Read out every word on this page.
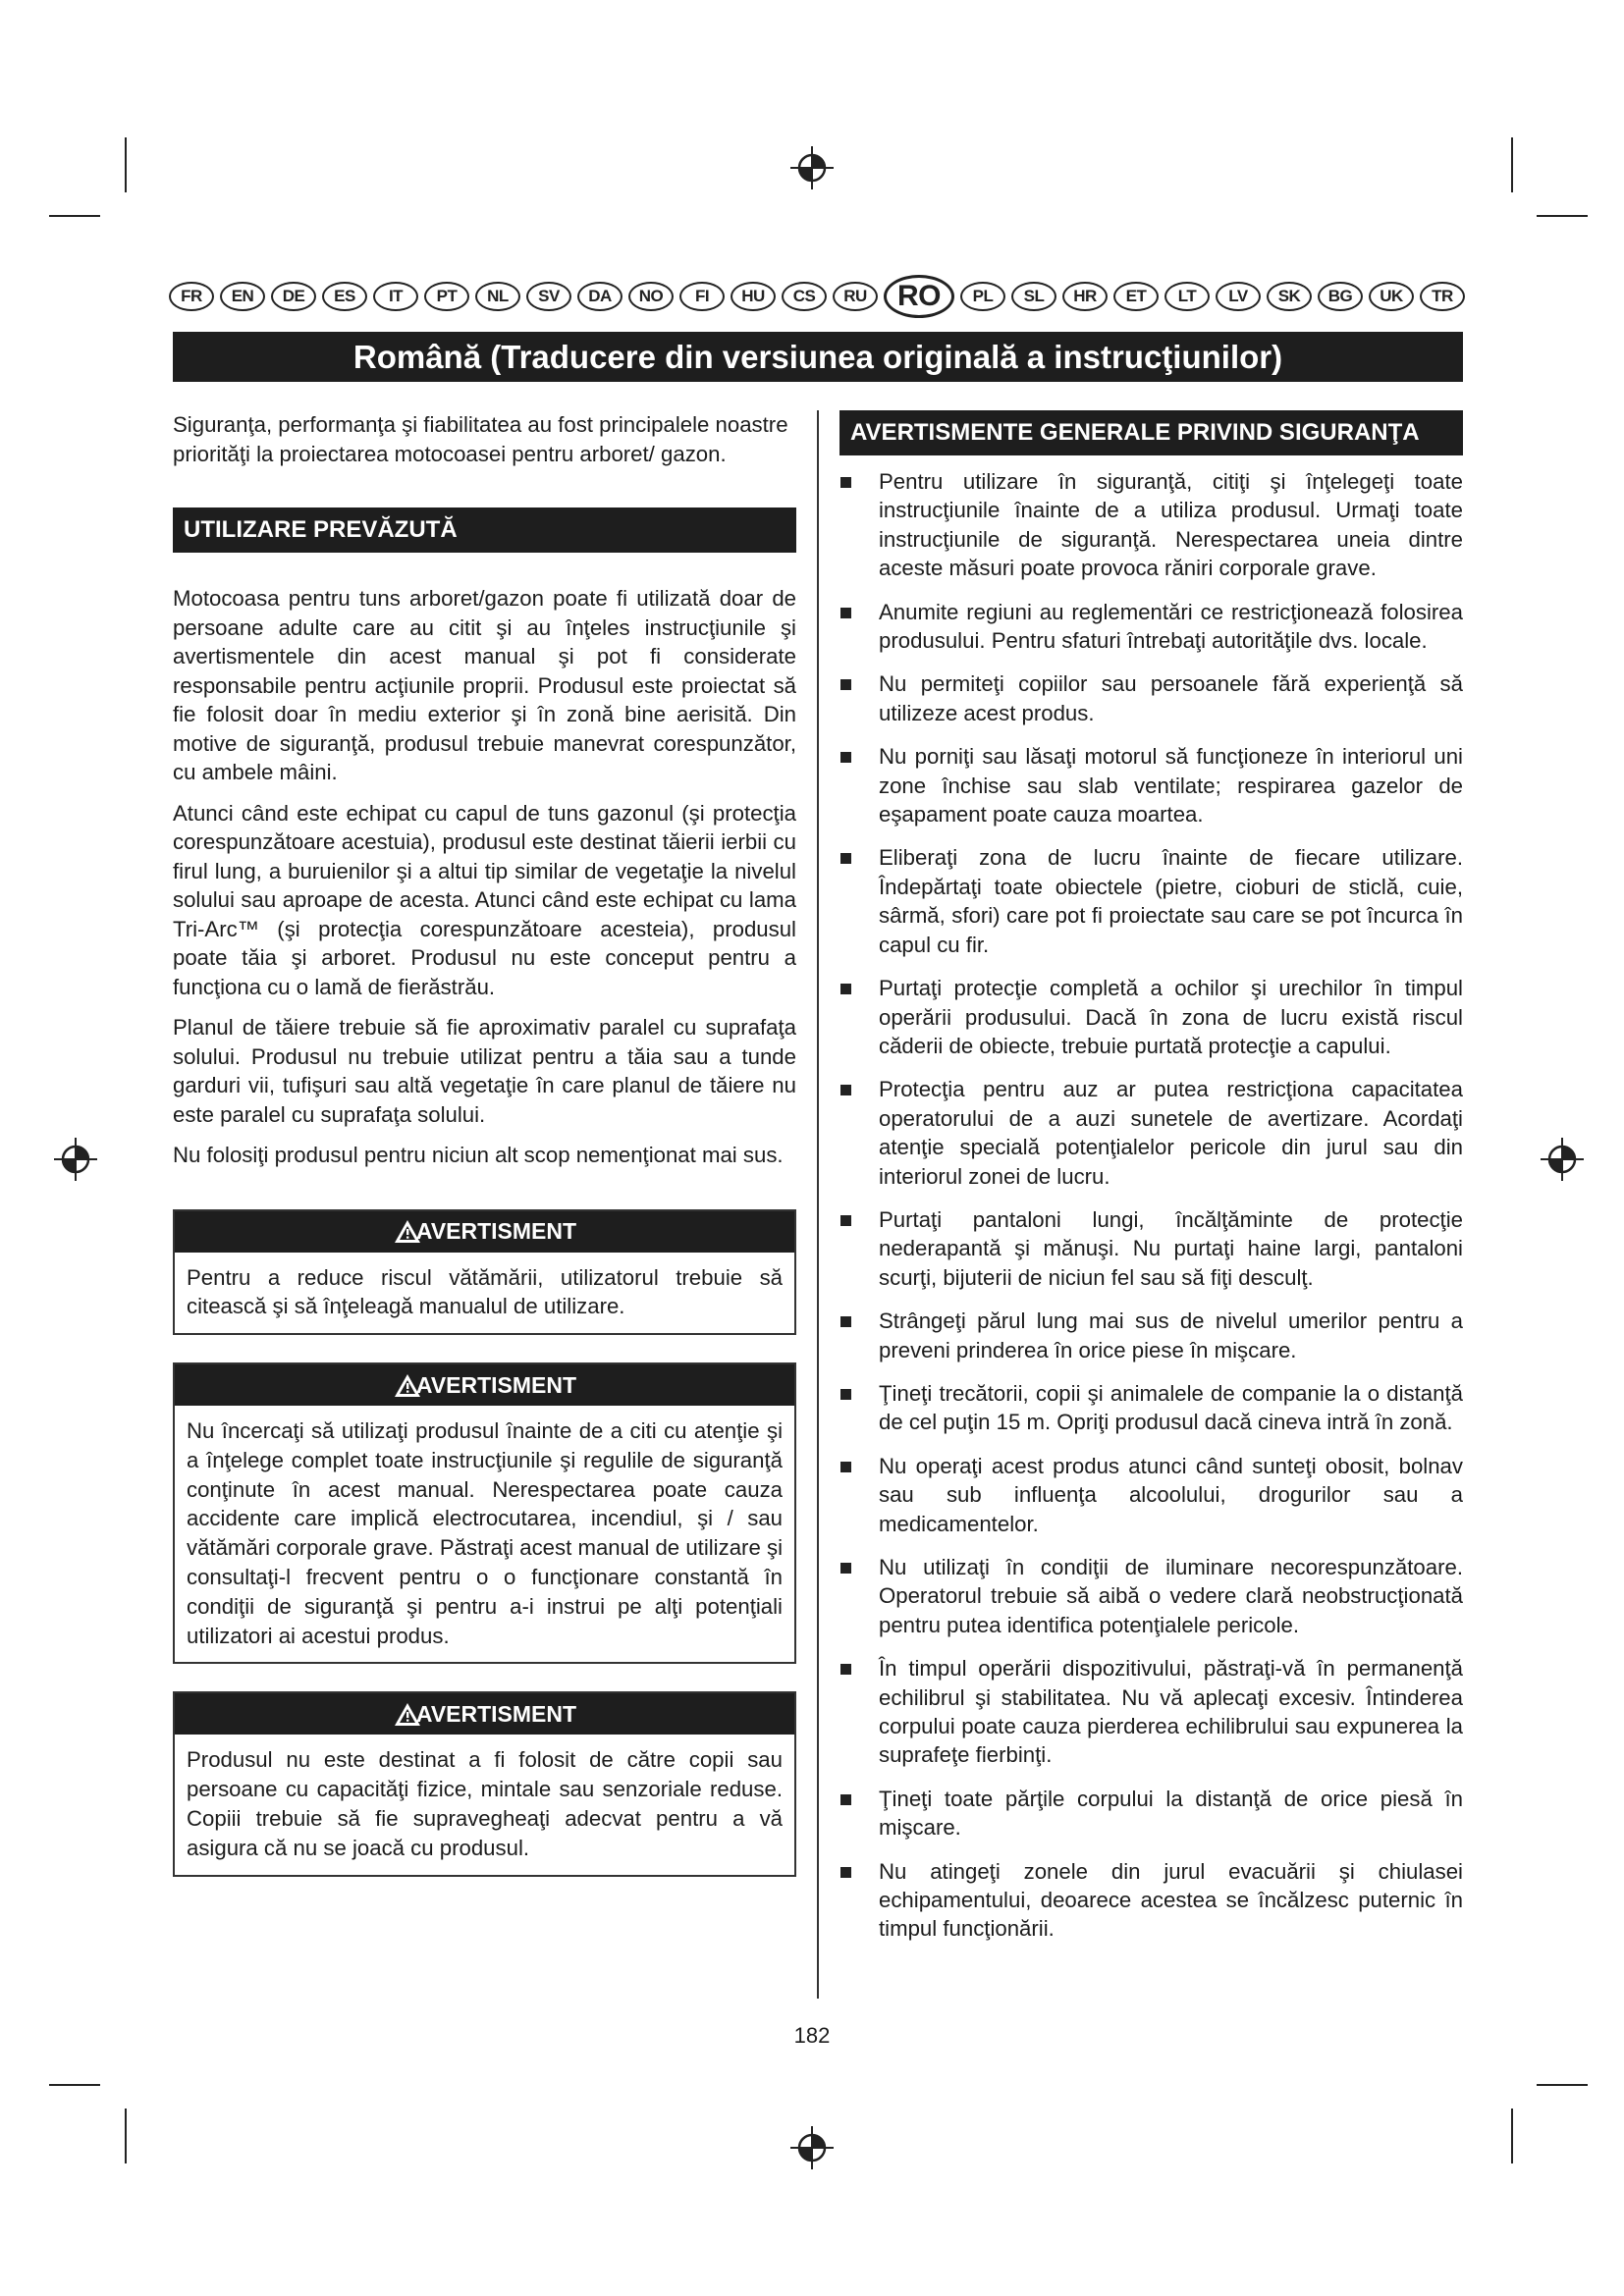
FR	EN	DE	ES	IT	PT	NL	SV	DA	NO	FI	HU	CS	RU	RO	PL	SL	HR	ET	LT	LV	SK	BG	UK	TR
Română (Traducere din versiunea originală a instrucţiunilor)

Siguranţa, performanţa şi fiabilitatea au fost principalele noastre priorităţi la proiectarea motocoasei pentru arboret/ gazon.

UTILIZARE PREVĂZUTĂ

Motocoasa pentru tuns arboret/gazon poate fi utilizată doar de persoane adulte care au citit şi au înţeles instrucţiunile şi avertismentele din acest manual şi pot fi considerate responsabile pentru acţiunile proprii. Produsul este proiectat să fie folosit doar în mediu exterior şi în zonă bine aerisită. Din motive de siguranţă, produsul trebuie manevrat corespunzător, cu ambele mâini.

Atunci când este echipat cu capul de tuns gazonul (şi protecţia corespunzătoare acestuia), produsul este destinat tăierii ierbii cu firul lung, a buruienilor şi a altui tip similar de vegetaţie la nivelul solului sau aproape de acesta. Atunci când este echipat cu lama Tri-Arc™ (şi protecţia corespunzătoare acesteia), produsul poate tăia şi arboret. Produsul nu este conceput pentru a funcţiona cu o lamă de fierăstrău.

Planul de tăiere trebuie să fie aproximativ paralel cu suprafaţa solului. Produsul nu trebuie utilizat pentru a tăia sau a tunde garduri vii, tufişuri sau altă vegetaţie în care planul de tăiere nu este paralel cu suprafaţa solului.

Nu folosiţi produsul pentru niciun alt scop nemenţionat mai sus.

AVERTISMENT

Pentru a reduce riscul vătămării, utilizatorul trebuie să citească şi să înţeleagă manualul de utilizare.

AVERTISMENT

Nu încercaţi să utilizaţi produsul înainte de a citi cu atenţie şi a înţelege complet toate instrucţiunile şi regulile de siguranţă conţinute în acest manual. Nerespectarea poate cauza accidente care implică electrocutarea, incendiul, şi / sau vătămări corporale grave. Păstraţi acest manual de utilizare şi consultaţi-l frecvent pentru o o funcţionare constantă în condiţii de siguranţă şi pentru a-i instrui pe alţi potenţiali utilizatori ai acestui produs.

AVERTISMENT

Produsul nu este destinat a fi folosit de către copii sau persoane cu capacităţi fizice, mintale sau senzoriale reduse. Copiii trebuie să fie supravegheaţi adecvat pentru a vă asigura că nu se joacă cu produsul.

AVERTISMENTE GENERALE PRIVIND SIGURANŢA

Pentru utilizare în siguranţă, citiţi şi înţelegeţi toate instrucţiunile înainte de a utiliza produsul. Urmaţi toate instrucţiunile de siguranţă. Nerespectarea uneia dintre aceste măsuri poate provoca răniri corporale grave.

Anumite regiuni au reglementări ce restricţionează folosirea produsului. Pentru sfaturi întrebaţi autorităţile dvs. locale.

Nu permiteţi copiilor sau persoanele fără experienţă să utilizeze acest produs.

Nu porniţi sau lăsaţi motorul să funcţioneze în interiorul uni zone închise sau slab ventilate; respirarea gazelor de eşapament poate cauza moartea.

Eliberaţi zona de lucru înainte de fiecare utilizare. Îndepărtaţi toate obiectele (pietre, cioburi de sticlă, cuie, sârmă, sfori) care pot fi proiectate sau care se pot încurca în capul cu fir.

Purtaţi protecţie completă a ochilor şi urechilor în timpul operării produsului. Dacă în zona de lucru există riscul căderii de obiecte, trebuie purtată protecţie a capului.

Protecţia pentru auz ar putea restricţiona capacitatea operatorului de a auzi sunetele de avertizare. Acordaţi atenţie specială potenţialelor pericole din jurul sau din interiorul zonei de lucru.

Purtaţi pantaloni lungi, încălţăminte de protecţie nederapantă şi mănuşi. Nu purtaţi haine largi, pantaloni scurţi, bijuterii de niciun fel sau să fiţi desculţ.

Strângeţi părul lung mai sus de nivelul umerilor pentru a preveni prinderea în orice piese în mişcare.

Ţineţi trecătorii, copii şi animalele de companie la o distanţă de cel puţin 15 m. Opriţi produsul dacă cineva intră în zonă.

Nu operaţi acest produs atunci când sunteţi obosit, bolnav sau sub influenţa alcoolului, drogurilor sau a medicamentelor.

Nu utilizaţi în condiţii de iluminare necorespunzătoare. Operatorul trebuie să aibă o vedere clară neobstrucţionată pentru putea identifica potenţialele pericole.

În timpul operării dispozitivului, păstraţi-vă în permanenţă echilibrul şi stabilitatea. Nu vă aplecaţi excesiv. Întinderea corpului poate cauza pierderea echilibrului sau expunerea la suprafeţe fierbinţi.

Ţineţi toate părţile corpului la distanţă de orice piesă în mişcare.

Nu atingeţi zonele din jurul evacuării şi chiulasei echipamentului, deoarece acestea se încălzesc puternic în timpul funcţionării.

182
